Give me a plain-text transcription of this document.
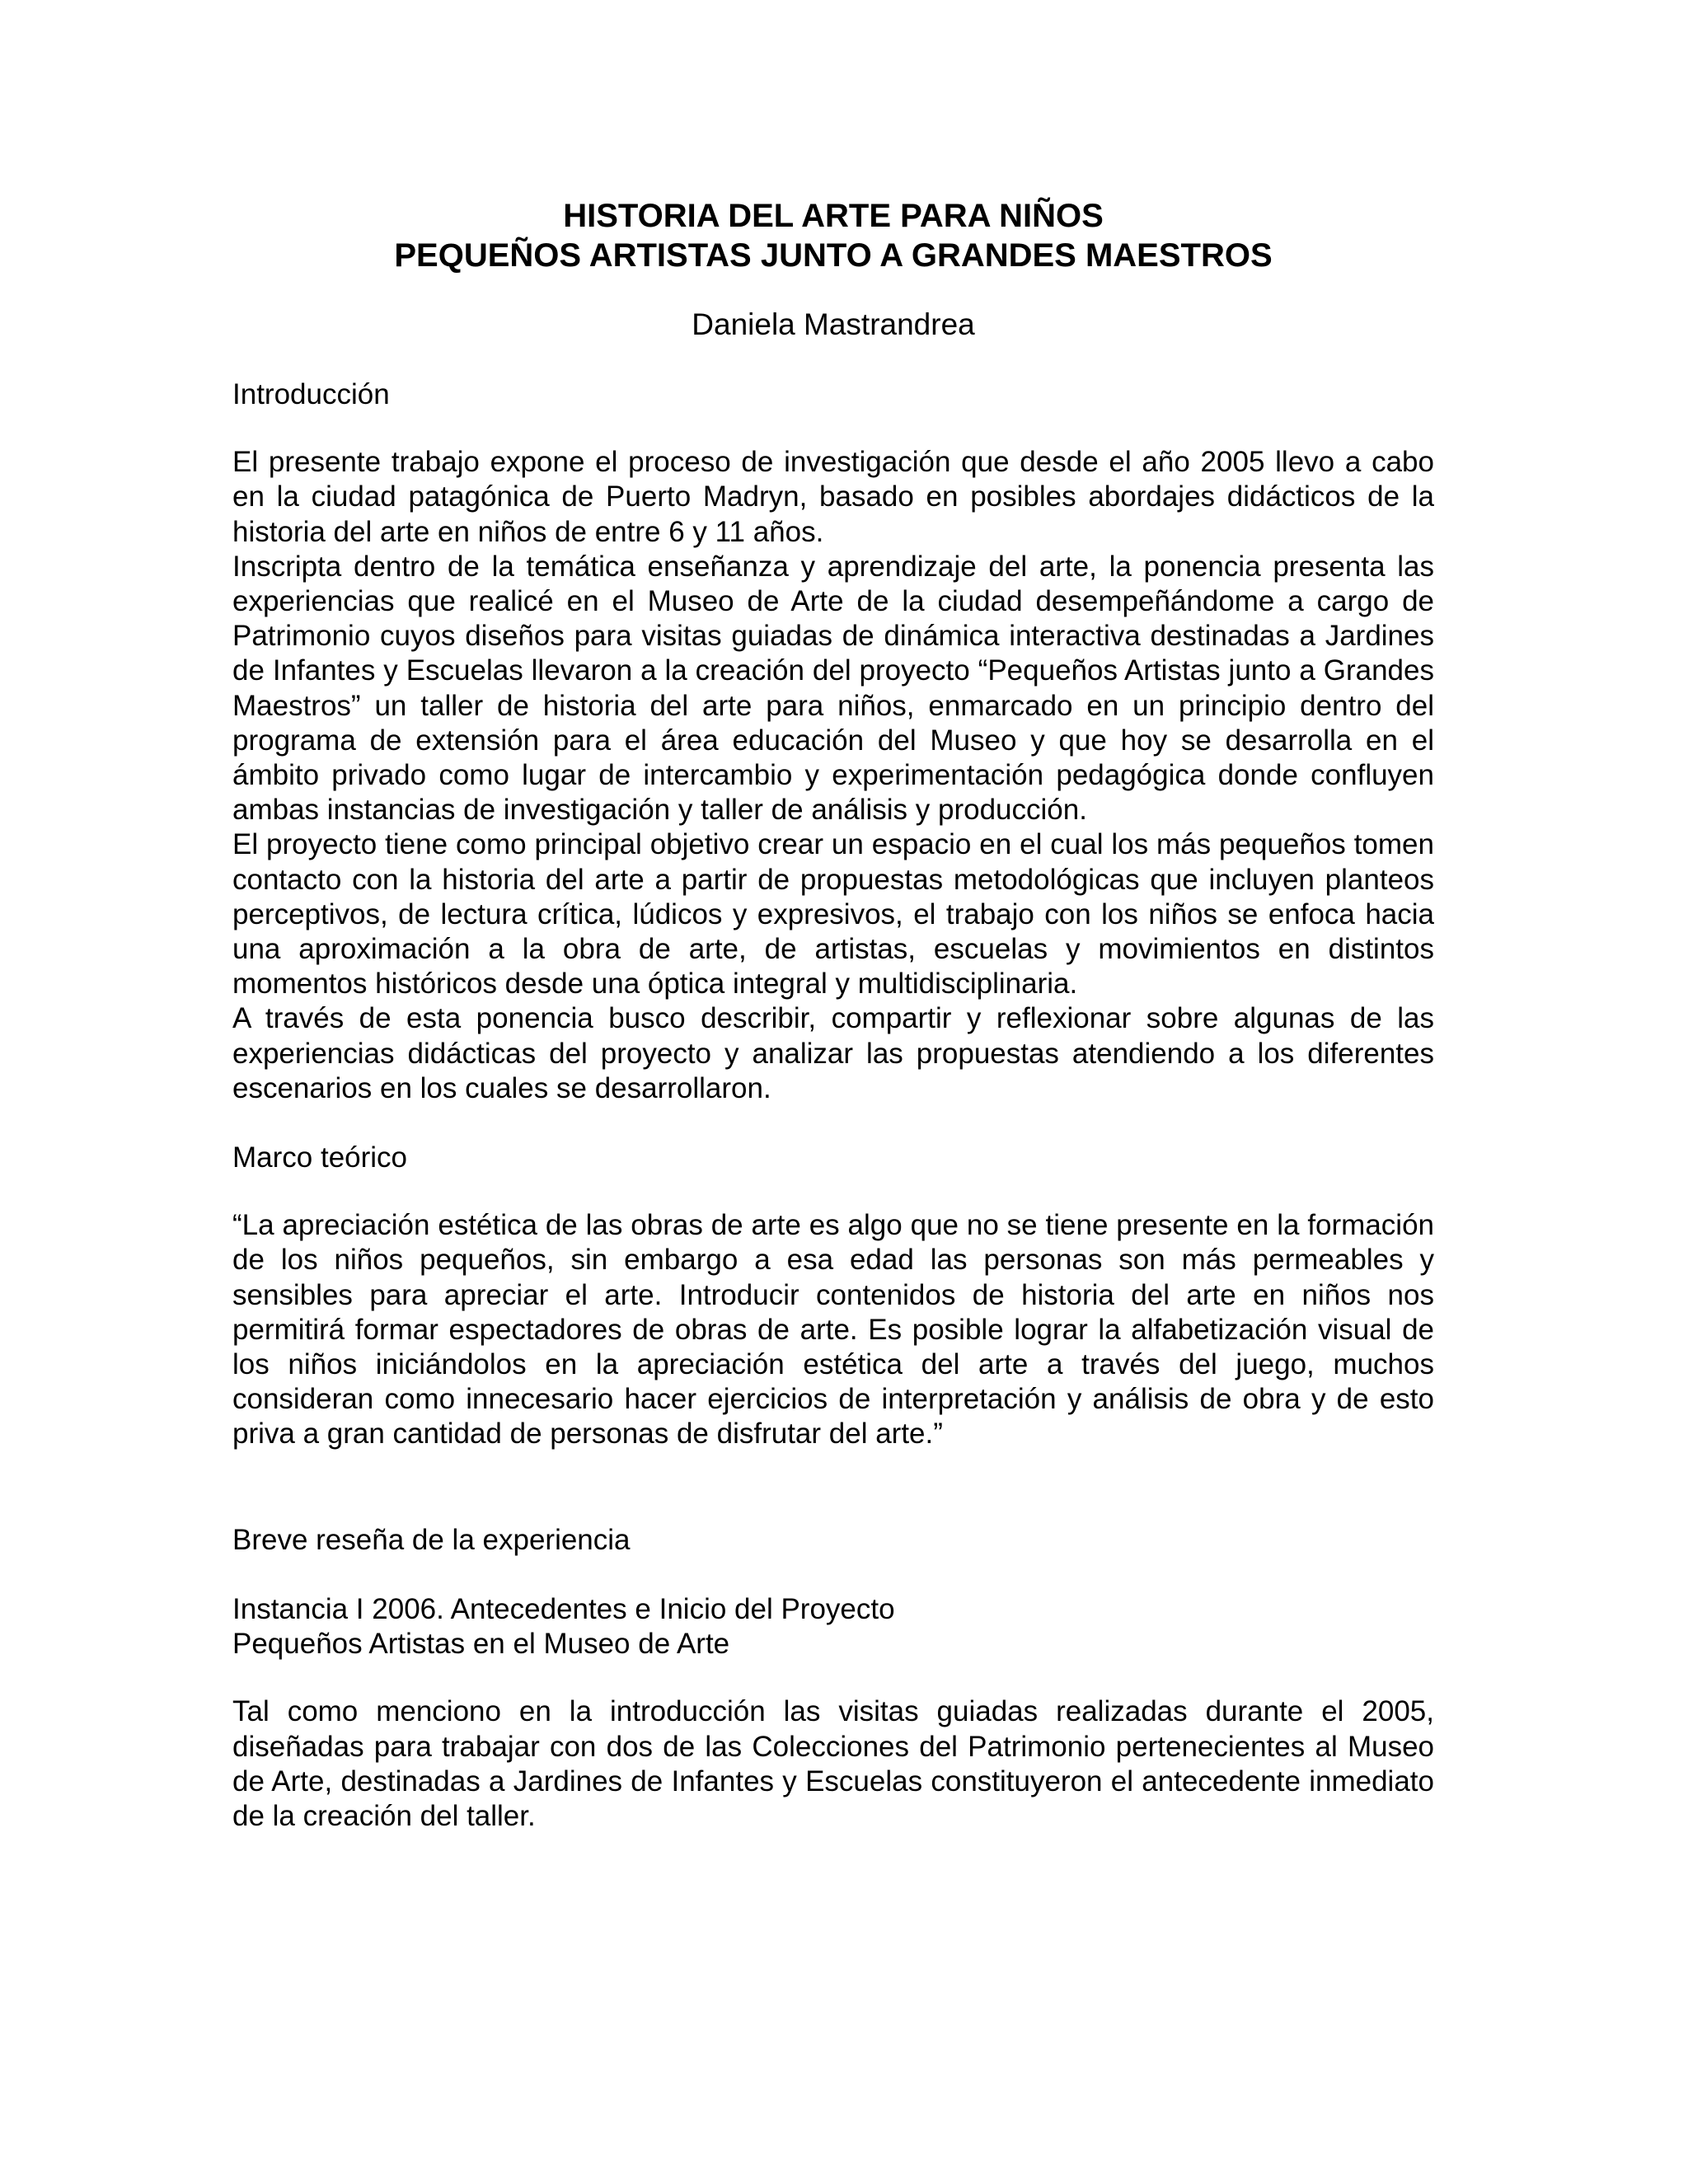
HISTORIA DEL ARTE PARA NIÑOS
PEQUEÑOS ARTISTAS JUNTO A GRANDES MAESTROS
Daniela Mastrandrea
Introducción

El presente trabajo expone el proceso de investigación que desde el año 2005 llevo a cabo en la ciudad patagónica de Puerto Madryn, basado en posibles abordajes didácticos de la historia del arte en niños de entre 6 y 11 años.

Inscripta dentro de la temática enseñanza y aprendizaje del arte, la ponencia presenta las experiencias que realicé en el Museo de Arte de la ciudad desempeñándome a cargo de Patrimonio cuyos diseños para visitas guiadas de dinámica interactiva destinadas a Jardines de Infantes y Escuelas llevaron a la creación del proyecto “Pequeños Artistas junto a Grandes Maestros” un taller de historia del arte para niños, enmarcado en un principio dentro del programa de extensión para el área educación del Museo y que hoy se desarrolla en el ámbito privado como lugar de intercambio y experimentación pedagógica donde confluyen ambas instancias de investigación y taller de análisis y producción.

El proyecto tiene como principal objetivo crear un espacio en el cual los más pequeños tomen contacto con la historia del arte a partir de propuestas metodológicas que incluyen planteos perceptivos, de lectura crítica, lúdicos y expresivos, el trabajo con los niños se enfoca hacia una aproximación a la obra de arte, de artistas, escuelas y movimientos en distintos momentos históricos desde una óptica integral y multidisciplinaria.

A través de esta ponencia busco describir, compartir y reflexionar sobre algunas de las experiencias didácticas del proyecto y analizar las propuestas atendiendo a los diferentes escenarios en los cuales se desarrollaron.

Marco teórico

“La apreciación estética de las obras de arte es algo que no se tiene presente en la formación de los niños pequeños, sin embargo a esa edad las personas son más permeables y sensibles para apreciar el arte. Introducir contenidos de historia del arte en niños nos permitirá formar espectadores de obras de arte. Es posible lograr la alfabetización visual de los niños iniciándolos en la apreciación estética del arte a través del juego, muchos consideran como innecesario hacer ejercicios de interpretación y análisis de obra y de esto priva a gran cantidad de personas de disfrutar del arte.”

Breve reseña de la experiencia
Instancia I 2006. Antecedentes e Inicio del Proyecto
Pequeños Artistas en el Museo de Arte

Tal como menciono en la introducción las visitas guiadas realizadas durante el 2005, diseñadas para trabajar con dos de las Colecciones del Patrimonio pertenecientes al Museo de Arte, destinadas a Jardines de Infantes y Escuelas constituyeron el antecedente inmediato de la creación del taller.
